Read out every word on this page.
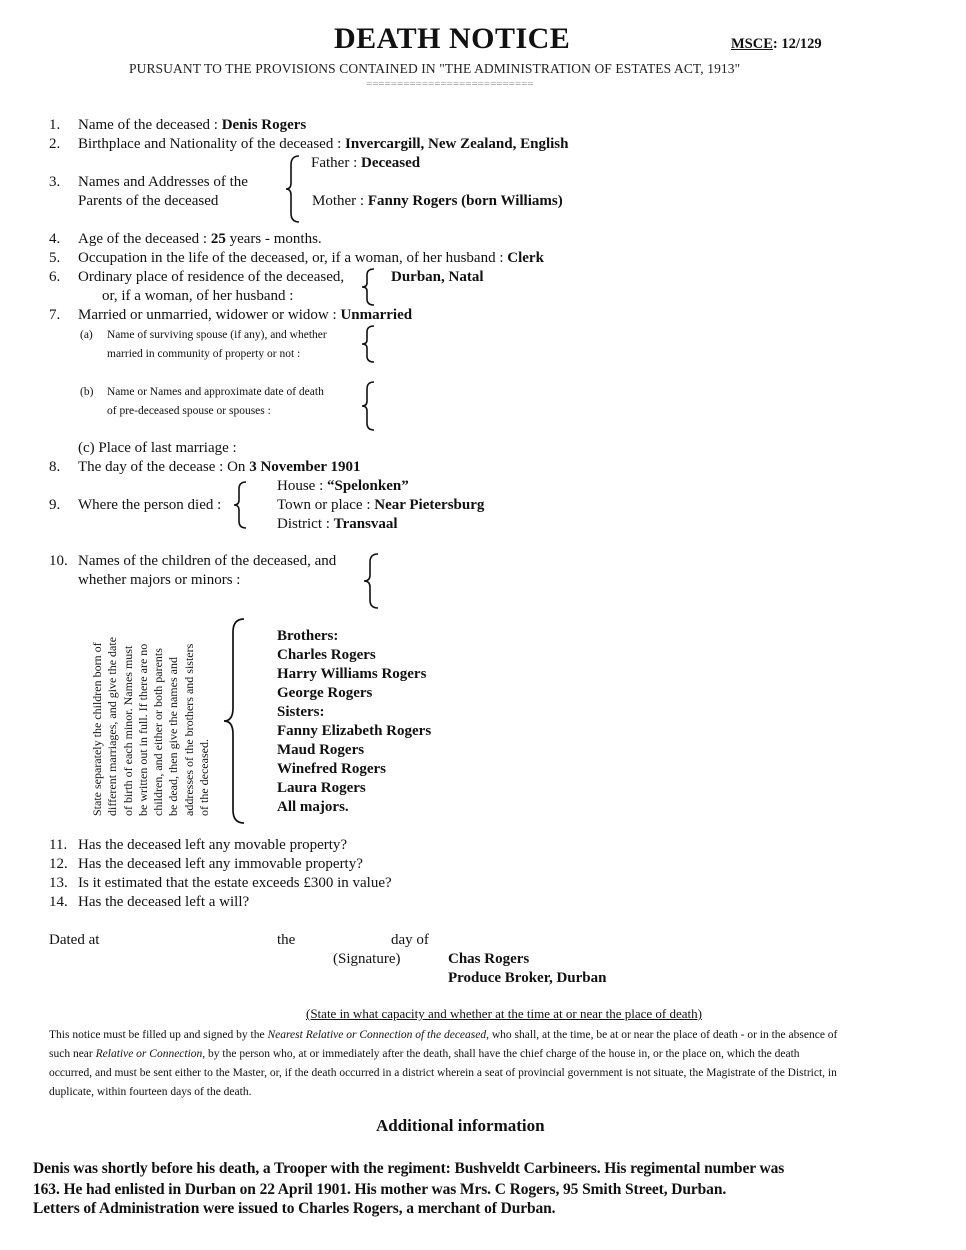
DEATH NOTICE	MSCE: 12/129
PURSUANT TO THE PROVISIONS CONTAINED IN "THE ADMINISTRATION OF ESTATES ACT, 1913"
===========================
1.	Name of the deceased : Denis Rogers
2.	Birthplace and Nationality of the deceased : Invercargill, New Zealand, English
3. Names and Addresses of the
Parents of the deceased
Father : Deceased
Mother : Fanny Rogers (born Williams)
4.	Age of the deceased : 25 years - months.
5.	Occupation in the life of the deceased, or, if a woman, of her husband : Clerk
6.	Ordinary place of residence of the deceased,
or, if a woman, of her husband :
Durban, Natal
7.	Married or unmarried, widower or widow : Unmarried
(a) Name of surviving spouse (if any), and whether
married in community of property or not :
(b) Name or Names and approximate date of death
of pre-deceased spouse or spouses :
(c) Place of last marriage :
8.	The day of the decease : On 3 November 1901
9.	Where the person died :
House : “Spelonken”
Town or place : Near Pietersburg
District : Transvaal
10. Names of the children of the deceased, and
whether majors or minors :
State separately the children born of different marriages, and give the date of birth of each minor. Names must be written out in full. If there are no children, and either or both parents be dead, then give the names and addresses of the brothers and sisters of the deceased.
Brothers:
Charles Rogers
Harry Williams Rogers
George Rogers
Sisters:
Fanny Elizabeth Rogers
Maud Rogers
Winefred Rogers
Laura Rogers
All majors.
11. Has the deceased left any movable property?
12. Has the deceased left any immovable property?
13. Is it estimated that the estate exceeds £300 in value?
14. Has the deceased left a will?
Dated at	the	day of
(Signature)	Chas Rogers
Produce Broker, Durban
(State in what capacity and whether at the time at or near the place of death)
This notice must be filled up and signed by the Nearest Relative or Connection of the deceased, who shall, at the time, be at or near the place of death - or in the absence of
such near Relative or Connection, by the person who, at or immediately after the death, shall have the chief charge of the house in, or the place on, which the death
occurred, and must be sent either to the Master, or, if the death occurred in a district wherein a seat of provincial government is not situate, the Magistrate of the District, in
duplicate, within fourteen days of the death.
Additional information
Denis was shortly before his death, a Trooper with the regiment: Bushveldt Carbineers. His regimental number was
163. He had enlisted in Durban on 22 April 1901. His mother was Mrs. C Rogers, 95 Smith Street, Durban.
Letters of Administration were issued to Charles Rogers, a merchant of Durban.
